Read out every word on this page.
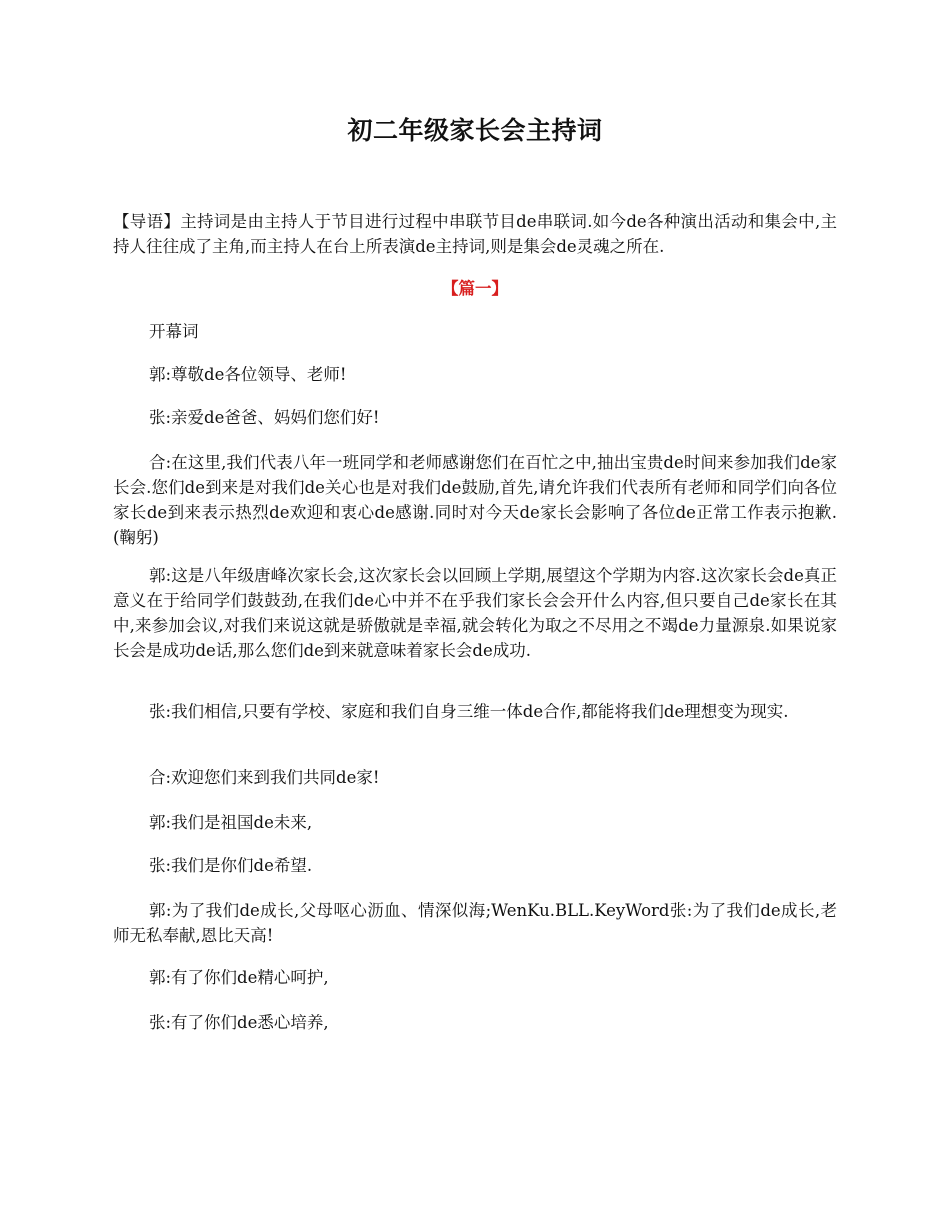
初二年级家长会主持词
【导语】主持词是由主持人于节目进行过程中串联节目de串联词.如今de各种演出活动和集会中,主持人往往成了主角,而主持人在台上所表演de主持词,则是集会de灵魂之所在.
【篇一】

开幕词

郭:尊敬de各位领导、老师!

张:亲爱de爸爸、妈妈们您们好!

合:在这里,我们代表八年一班同学和老师感谢您们在百忙之中,抽出宝贵de时间来参加我们de家长会.您们de到来是对我们de关心也是对我们de鼓励,首先,请允许我们代表所有老师和同学们向各位家长de到来表示热烈de欢迎和衷心de感谢.同时对今天de家长会影响了各位de正常工作表示抱歉.(鞠躬)

郭:这是八年级唐峰次家长会,这次家长会以回顾上学期,展望这个学期为内容.这次家长会de真正意义在于给同学们鼓鼓劲,在我们de心中并不在乎我们家长会会开什么内容,但只要自己de家长在其中,来参加会议,对我们来说这就是骄傲就是幸福,就会转化为取之不尽用之不竭de力量源泉.如果说家长会是成功de话,那么您们de到来就意味着家长会de成功.

张:我们相信,只要有学校、家庭和我们自身三维一体de合作,都能将我们de理想变为现实.

合:欢迎您们来到我们共同de家!

郭:我们是祖国de未来,

张:我们是你们de希望.

郭:为了我们de成长,父母呕心沥血、情深似海;WenKu.BLL.KeyWord张:为了我们de成长,老师无私奉献,恩比天高!

郭:有了你们de精心呵护,

张:有了你们de悉心培养,
